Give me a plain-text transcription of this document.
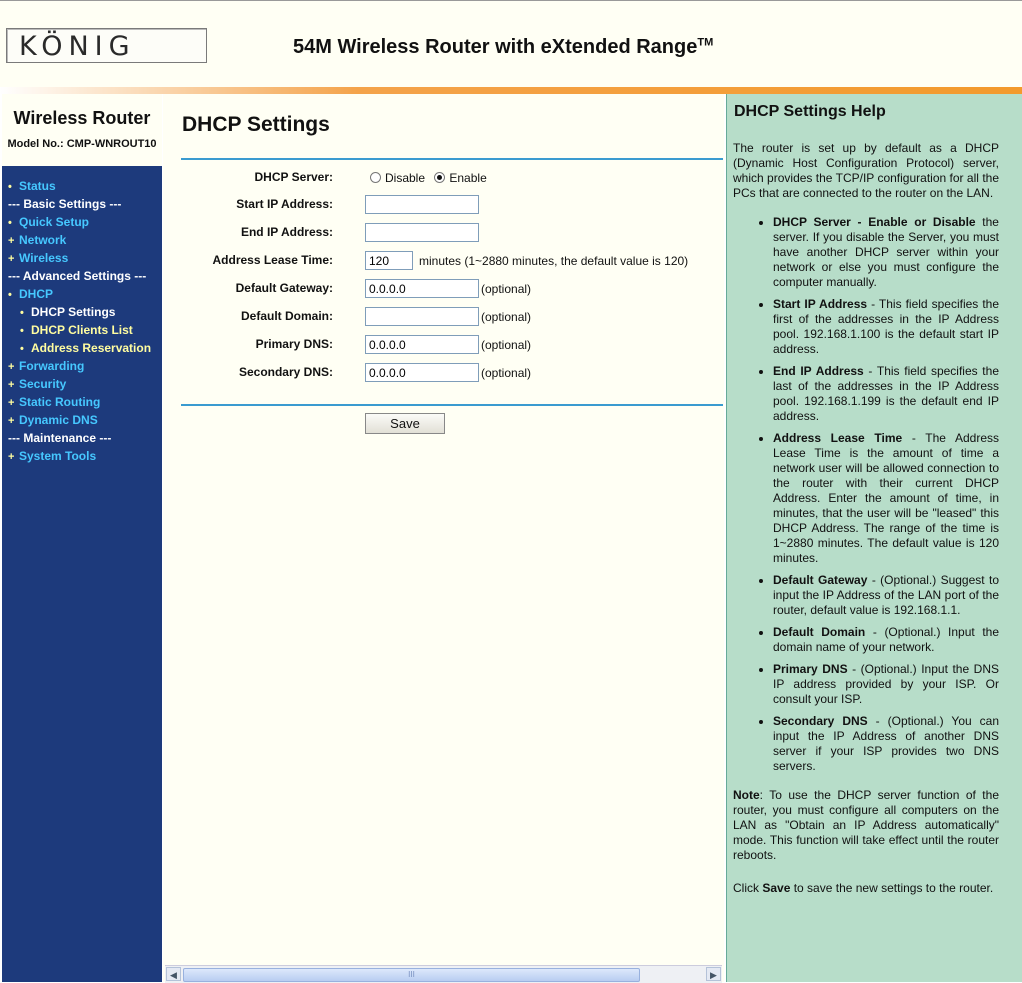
KÖNIG	54M Wireless Router with eXtended Range™
Wireless Router
Model No.: CMP-WNROUT10
• Status
--- Basic Settings ---
• Quick Setup
+ Network
+ Wireless
--- Advanced Settings ---
• DHCP
• DHCP Settings
• DHCP Clients List
• Address Reservation
+ Forwarding
+ Security
+ Static Routing
+ Dynamic DNS
--- Maintenance ---
+ System Tools
DHCP Settings
DHCP Server:	Disable Enable
Start IP Address:
End IP Address:
Address Lease Time:
120	minutes (1~2880 minutes, the default value is 120)
Default Gateway:
0.0.0.0	(optional)
Default Domain:	(optional)
Primary DNS:
0.0.0.0	(optional)
Secondary DNS:
0.0.0.0	(optional)
Save
◀	III	▶
DHCP Settings Help

The router is set up by default as a DHCP (Dynamic Host Configuration Protocol) server, which provides the TCP/IP configuration for all the PCs that are connected to the router on the LAN.

• DHCP Server - Enable or Disable the server. If you disable the Server, you must have another DHCP server within your network or else you must configure the computer manually.
• Start IP Address - This field specifies the first of the addresses in the IP Address pool. 192.168.1.100 is the default start IP address.
• End IP Address - This field specifies the last of the addresses in the IP Address pool. 192.168.1.199 is the default end IP address.
• Address Lease Time - The Address Lease Time is the amount of time a network user will be allowed connection to the router with their current DHCP Address. Enter the amount of time, in minutes, that the user will be "leased" this DHCP Address. The range of the time is 1~2880 minutes. The default value is 120 minutes.
• Default Gateway - (Optional.) Suggest to input the IP Address of the LAN port of the router, default value is 192.168.1.1.
• Default Domain - (Optional.) Input the domain name of your network.
• Primary DNS - (Optional.) Input the DNS IP address provided by your ISP. Or consult your ISP.
• Secondary DNS - (Optional.) You can input the IP Address of another DNS server if your ISP provides two DNS servers.

Note: To use the DHCP server function of the router, you must configure all computers on the LAN as "Obtain an IP Address automatically" mode. This function will take effect until the router reboots.

Click Save to save the new settings to the router.
